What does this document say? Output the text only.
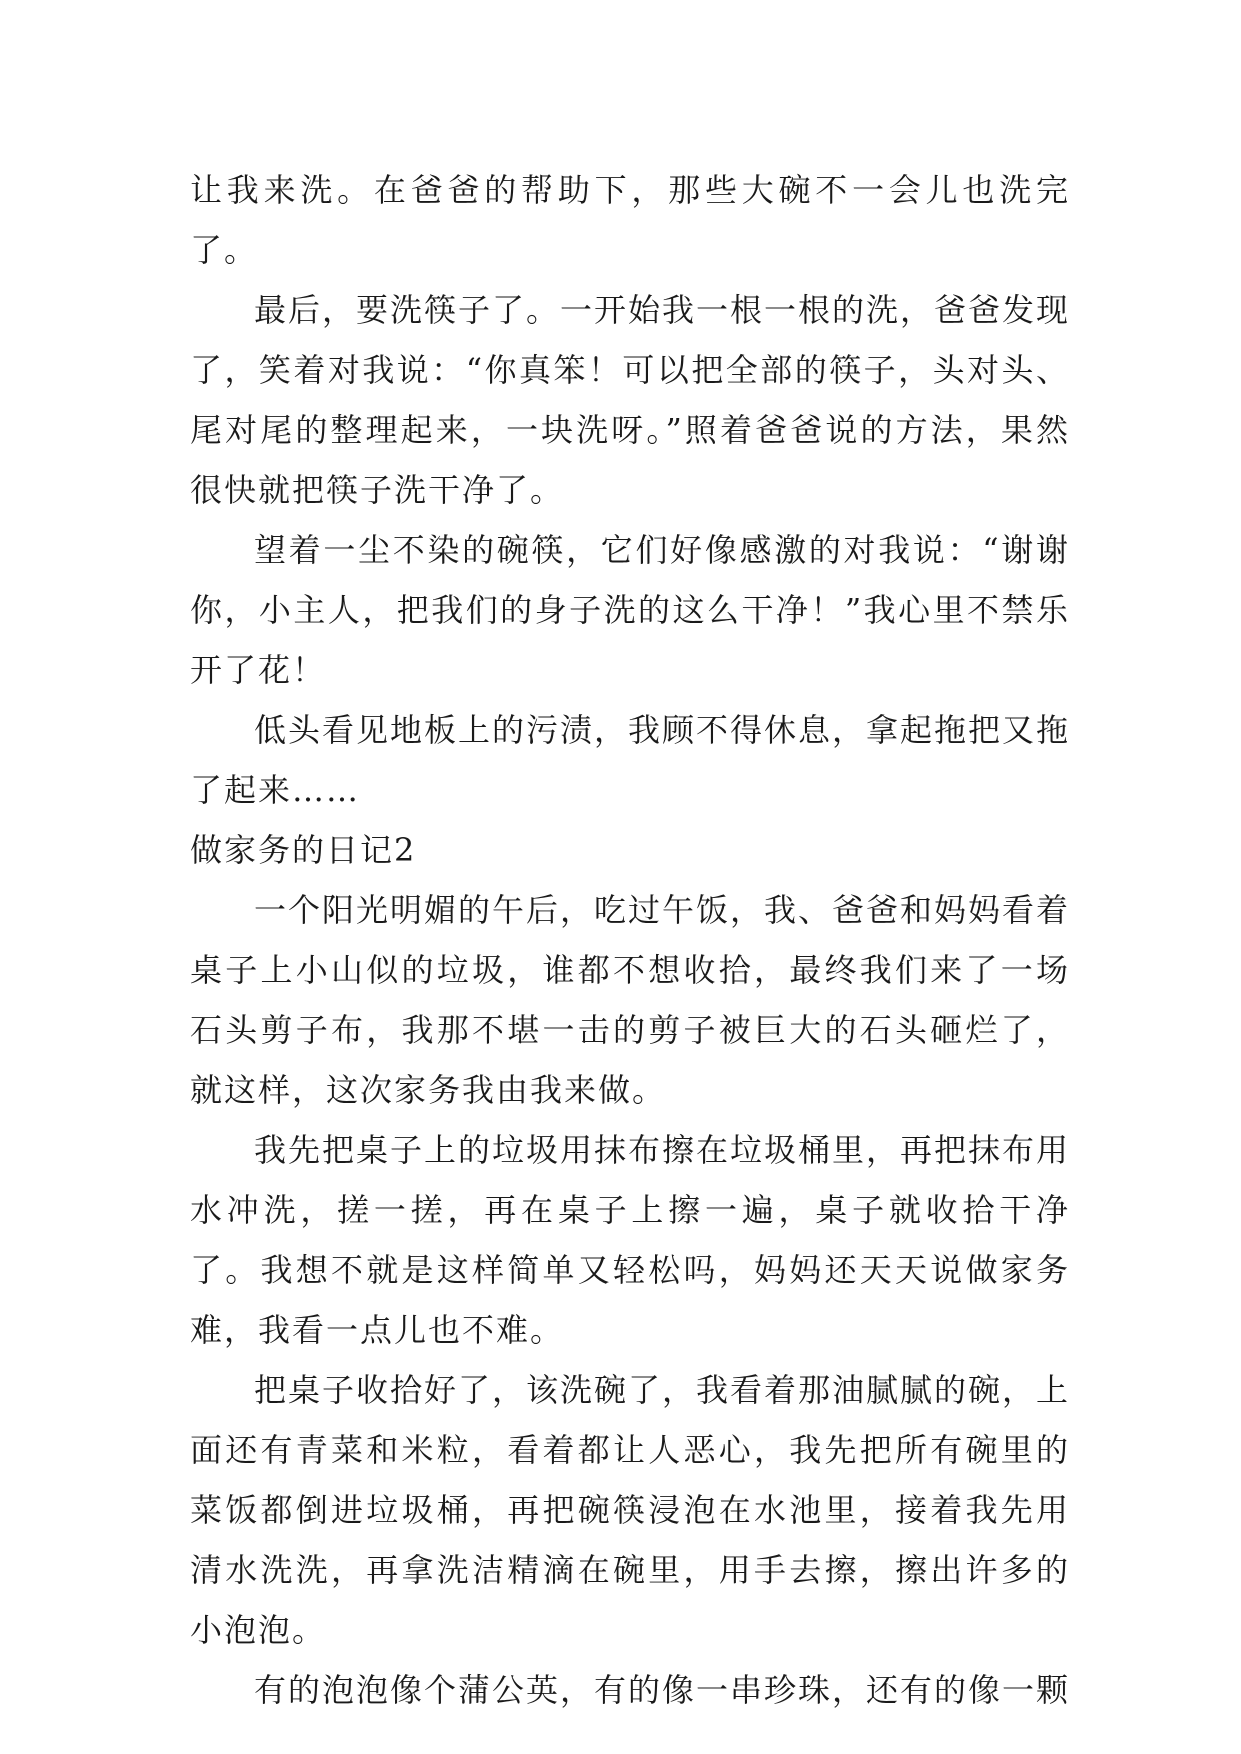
让我来洗。在爸爸的帮助下，那些大碗不一会儿也洗完了。

最后，要洗筷子了。一开始我一根一根的洗，爸爸发现了，笑着对我说：“你真笨！可以把全部的筷子，头对头、尾对尾的整理起来，一块洗呀。”照着爸爸说的方法，果然很快就把筷子洗干净了。

望着一尘不染的碗筷，它们好像感激的对我说：“谢谢你，小主人，把我们的身子洗的这么干净！”我心里不禁乐开了花！

低头看见地板上的污渍，我顾不得休息，拿起拖把又拖了起来……

做家务的日记2

一个阳光明媚的午后，吃过午饭，我、爸爸和妈妈看着桌子上小山似的垃圾，谁都不想收拾，最终我们来了一场石头剪子布，我那不堪一击的剪子被巨大的石头砸烂了，就这样，这次家务我由我来做。

我先把桌子上的垃圾用抹布擦在垃圾桶里，再把抹布用水冲洗，搓一搓，再在桌子上擦一遍，桌子就收拾干净了。我想不就是这样简单又轻松吗，妈妈还天天说做家务难，我看一点儿也不难。

把桌子收拾好了，该洗碗了，我看着那油腻腻的碗，上面还有青菜和米粒，看着都让人恶心，我先把所有碗里的菜饭都倒进垃圾桶，再把碗筷浸泡在水池里，接着我先用清水洗洗，再拿洗洁精滴在碗里，用手去擦，擦出许多的小泡泡。

有的泡泡像个蒲公英，有的像一串珍珠，还有的像一颗
